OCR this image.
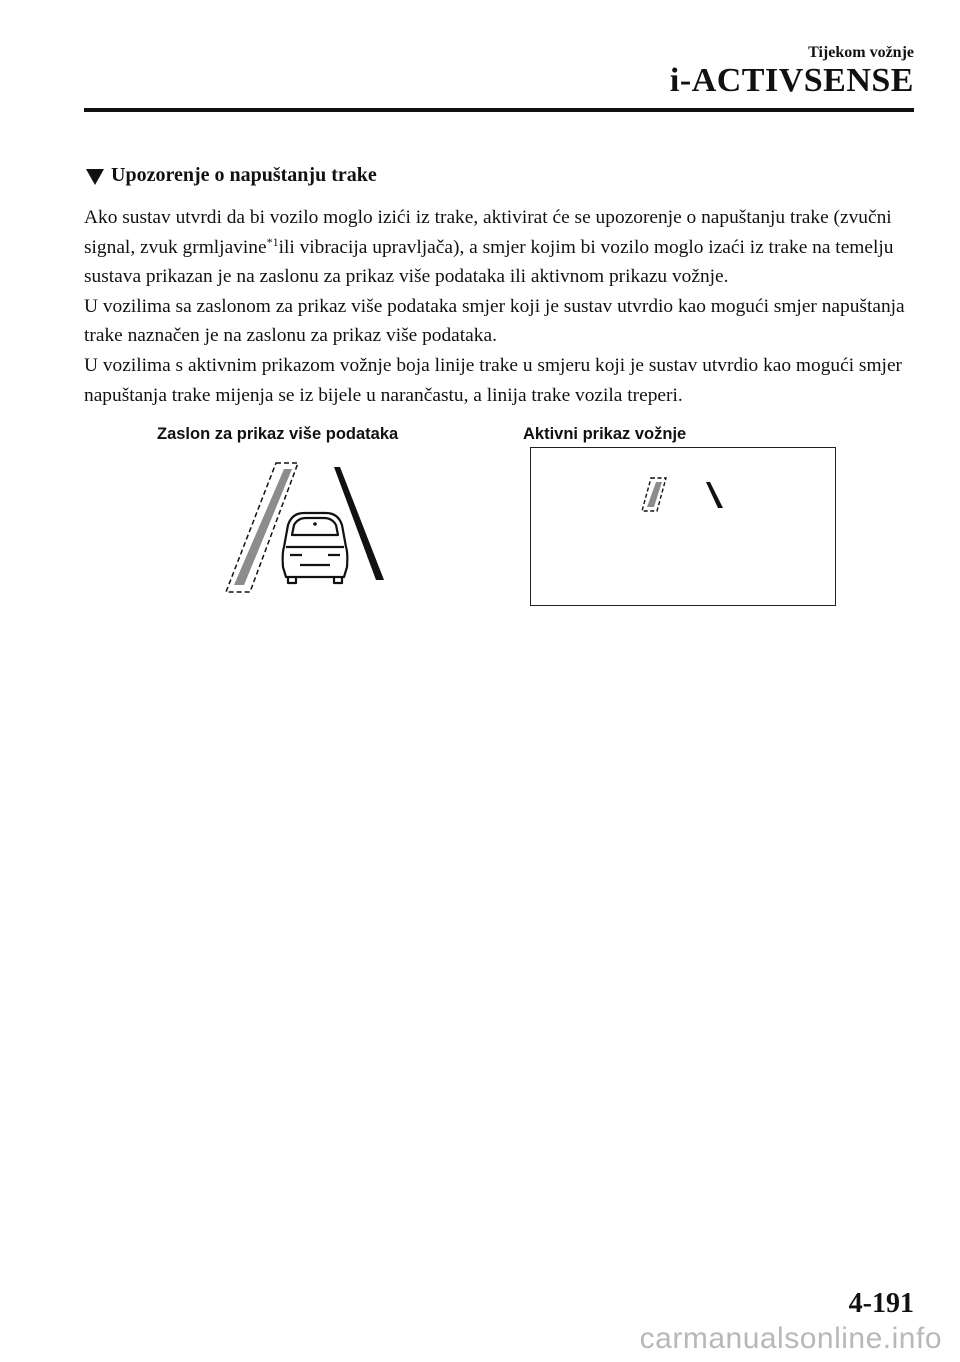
Tijekom vožnje
i-ACTIVSENSE
Upozorenje o napuštanju trake

Ako sustav utvrdi da bi vozilo moglo izići iz trake, aktivirat će se upozorenje o napuštanju trake (zvučni signal, zvuk grmljavine$^{*1}$ili vibracija upravljača), a smjer kojim bi vozilo moglo izaći iz trake na temelju sustava prikazan je na zaslonu za prikaz više podataka ili aktivnom prikazu vožnje.

U vozilima sa zaslonom za prikaz više podataka smjer koji je sustav utvrdio kao mogući smjer napuštanja trake naznačen je na zaslonu za prikaz više podataka.

U vozilima s aktivnim prikazom vožnje boja linije trake u smjeru koji je sustav utvrdio kao mogući smjer napuštanja trake mijenja se iz bijele u narančastu, a linija trake vozila treperi.

Zaslon za prikaz više podataka	Aktivni prikaz vožnje
4-191
carmanualsonline.info
